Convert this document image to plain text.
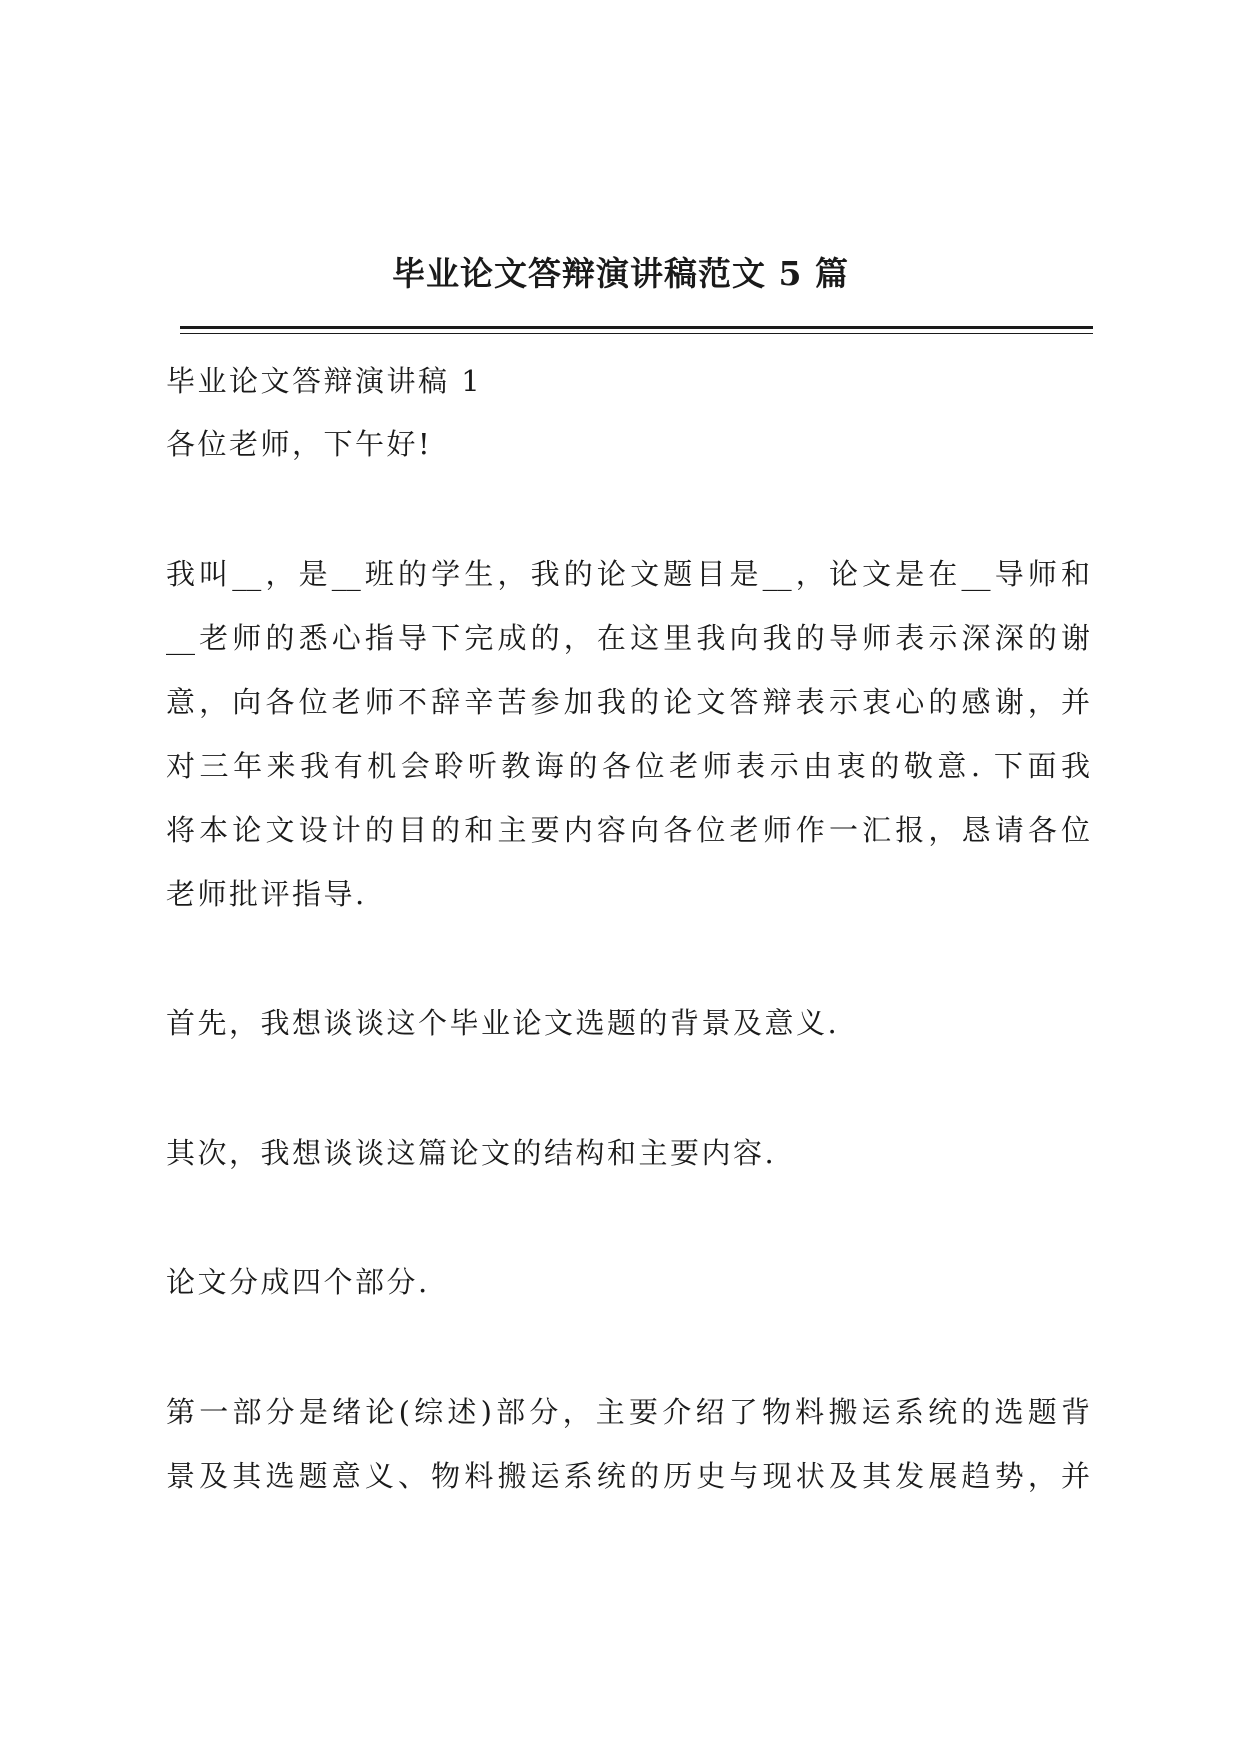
毕业论文答辩演讲稿范文 5 篇
毕业论文答辩演讲稿 1
各位老师，下午好!
我叫__，是__班的学生，我的论文题目是__，论文是在__导师和
__老师的悉心指导下完成的，在这里我向我的导师表示深深的谢
意，向各位老师不辞辛苦参加我的论文答辩表示衷心的感谢，并
对三年来我有机会聆听教诲的各位老师表示由衷的敬意. 下面我
将本论文设计的目的和主要内容向各位老师作一汇报，恳请各位
老师批评指导.
首先，我想谈谈这个毕业论文选题的背景及意义.
其次，我想谈谈这篇论文的结构和主要内容.
论文分成四个部分.
第一部分是绪论(综述)部分，主要介绍了物料搬运系统的选题背
景及其选题意义、物料搬运系统的历史与现状及其发展趋势，并
